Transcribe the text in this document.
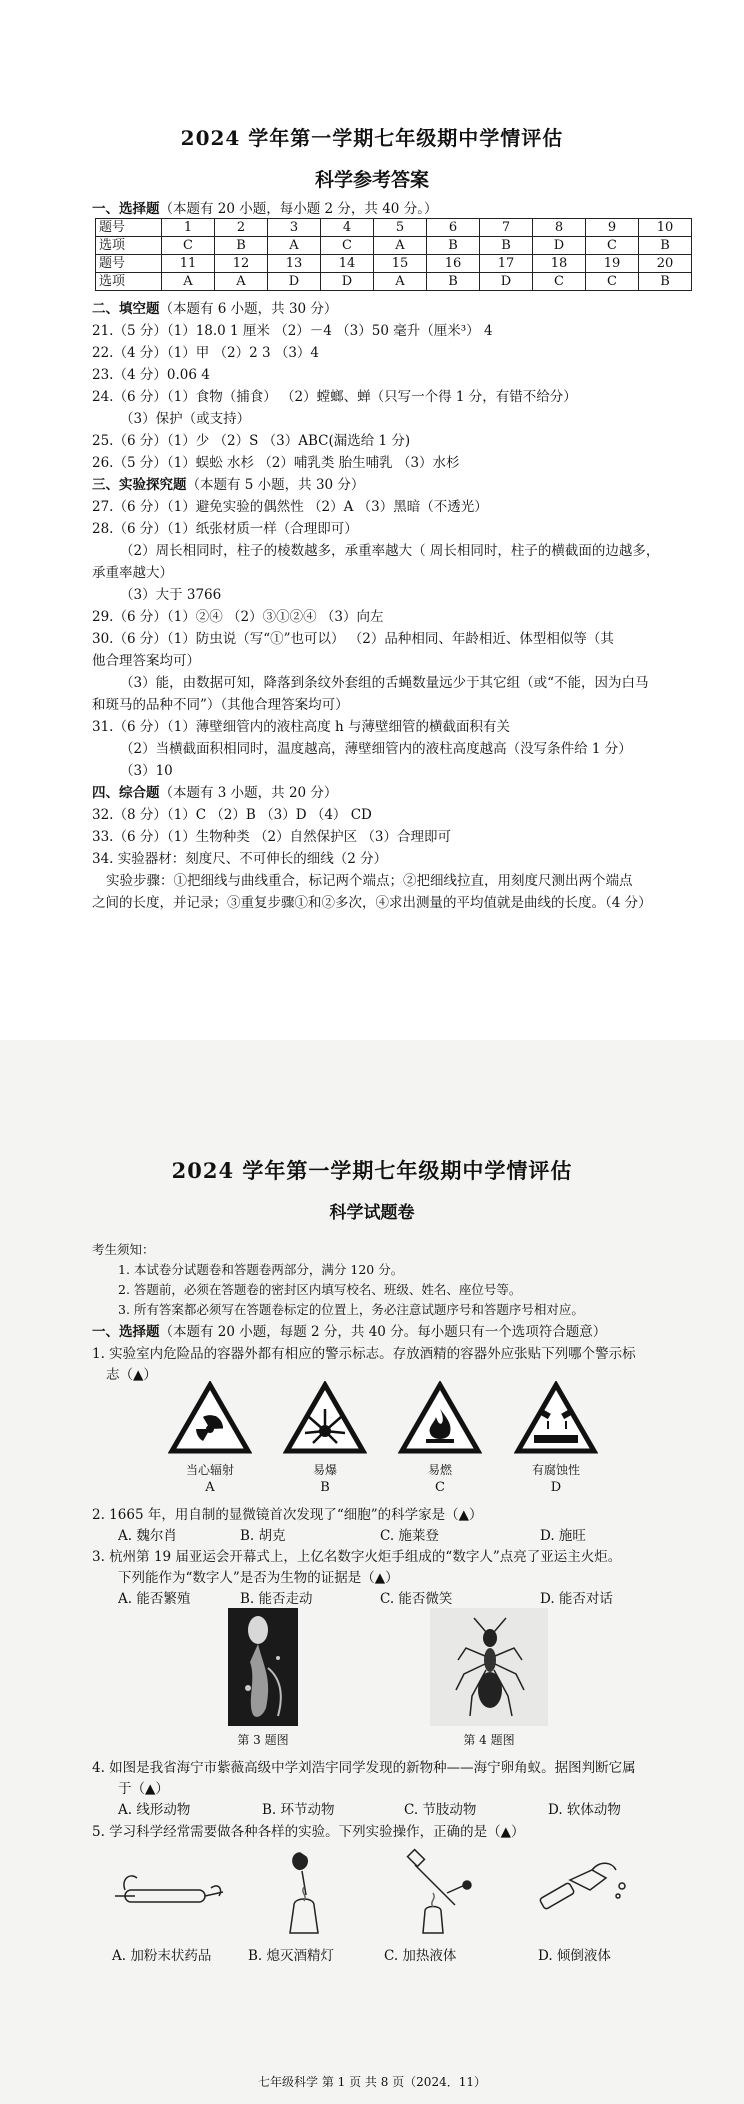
2024 学年第一学期七年级期中学情评估
科学参考答案
一、选择题（本题有 20 小题，每小题 2 分，共 40 分。）
题号	1	2	3	4	5	6	7	8	9	10
选项	C	B	A	C	A	B	B	D	C	B
题号	11	12	13	14	15	16	17	18	19	20
选项	A	A	D	D	A	B	D	C	C	B
二、填空题（本题有 6 小题，共 30 分）
21.（5 分）（1）18.0 1 厘米 （2）－4 （3）50 毫升（厘米³） 4
22.（4 分）（1）甲 （2）2 3 （3）4
23.（4 分）0.06 4
24.（6 分）（1）食物（捕食） （2）螳螂、蝉（只写一个得 1 分，有错不给分）
（3）保护（或支持）
25.（6 分）（1）少 （2）S （3）ABC(漏选给 1 分)
26.（5 分）（1）蜈蚣 水杉 （2）哺乳类 胎生哺乳 （3）水杉
三、实验探究题（本题有 5 小题，共 30 分）
27.（6 分）（1）避免实验的偶然性 （2）A （3）黑暗（不透光）
28.（6 分）（1）纸张材质一样（合理即可）
（2）周长相同时，柱子的棱数越多，承重率越大（ 周长相同时，柱子的横截面的边越多，
承重率越大）
（3）大于 3766
29.（6 分）（1）②④ （2）③①②④ （3）向左
30.（6 分）（1）防虫说（写“①”也可以） （2）品种相同、年龄相近、体型相似等（其
他合理答案均可）
（3）能，由数据可知，降落到条纹外套组的舌蝇数量远少于其它组（或“不能，因为白马
和斑马的品种不同”）（其他合理答案均可）
31.（6 分）（1）薄壁细管内的液柱高度 h 与薄壁细管的横截面积有关
（2）当横截面积相同时，温度越高，薄壁细管内的液柱高度越高（没写条件给 1 分）
（3）10
四、综合题（本题有 3 小题，共 20 分）
32.（8 分）（1）C （2）B （3）D （4） CD
33.（6 分）（1）生物种类 （2）自然保护区 （3）合理即可
34. 实验器材：刻度尺、不可伸长的细线（2 分）
实验步骤：①把细线与曲线重合，标记两个端点；②把细线拉直，用刻度尺测出两个端点
之间的长度，并记录；③重复步骤①和②多次，④求出测量的平均值就是曲线的长度。（4 分）
2024 学年第一学期七年级期中学情评估
科学试题卷
考生须知：
1. 本试卷分试题卷和答题卷两部分，满分 120 分。
2. 答题前，必须在答题卷的密封区内填写校名、班级、姓名、座位号等。
3. 所有答案都必须写在答题卷标定的位置上，务必注意试题序号和答题序号相对应。
一、选择题（本题有 20 小题，每题 2 分，共 40 分。每小题只有一个选项符合题意）
1. 实验室内危险品的容器外都有相应的警示标志。存放酒精的容器外应张贴下列哪个警示标
志（▲）
当心辐射	易爆	易燃	有腐蚀性
A	B	C	D
2. 1665 年，用自制的显微镜首次发现了“细胞”的科学家是（▲）
A. 魏尔肖	B. 胡克	C. 施莱登	D. 施旺
3. 杭州第 19 届亚运会开幕式上，上亿名数字火炬手组成的“数字人”点亮了亚运主火炬。
下列能作为“数字人”是否为生物的证据是（▲）
A. 能否繁殖	B. 能否走动	C. 能否微笑	D. 能否对话
第 3 题图	第 4 题图
4. 如图是我省海宁市紫薇高级中学刘浩宇同学发现的新物种——海宁卵角蚁。据图判断它属
于（▲）
A. 线形动物	B. 环节动物	C. 节肢动物	D. 软体动物
5. 学习科学经常需要做各种各样的实验。下列实验操作，正确的是（▲）
A. 加粉末状药品	B. 熄灭酒精灯	C. 加热液体	D. 倾倒液体
七年级科学 第 1 页 共 8 页（2024．11）
